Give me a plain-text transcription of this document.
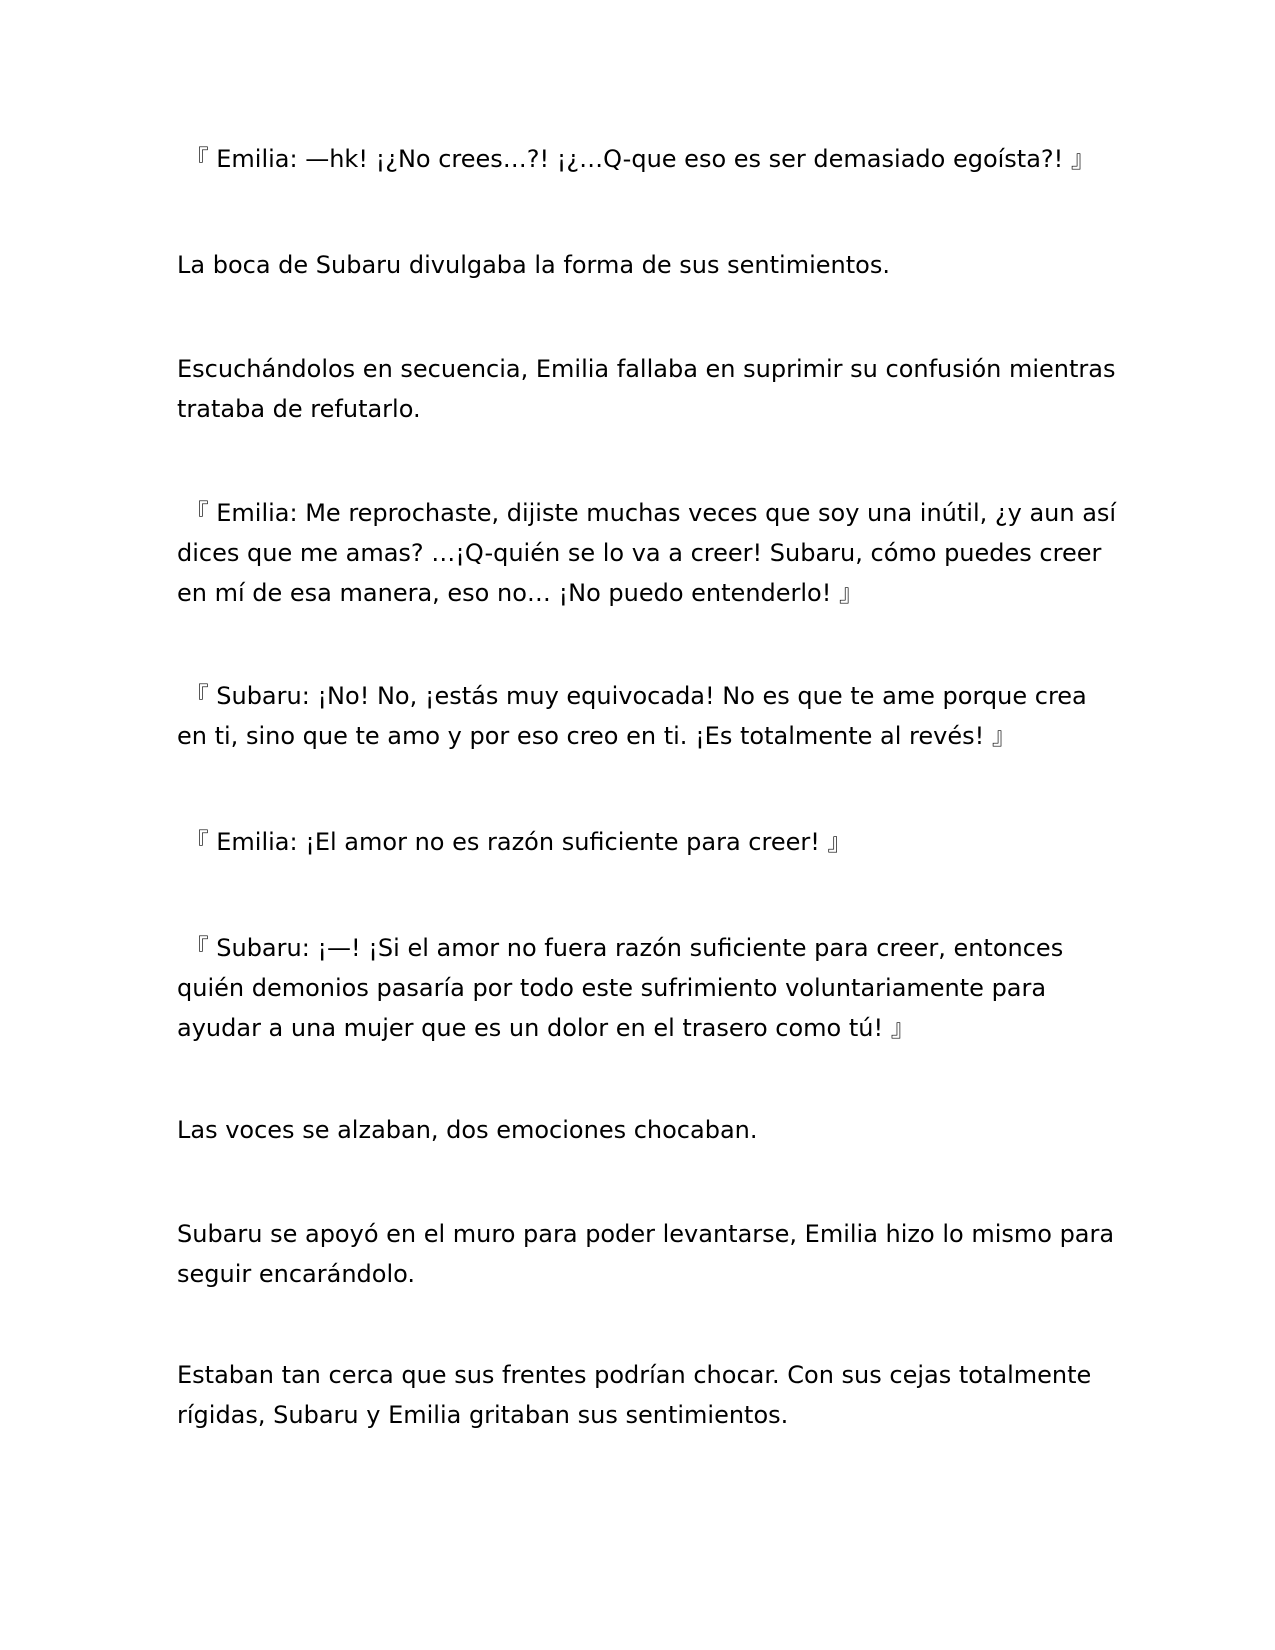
『 Emilia: —hk! ¡¿No crees…?! ¡¿…Q-que eso es ser demasiado egoísta?! 』

La boca de Subaru divulgaba la forma de sus sentimientos.

Escuchándolos en secuencia, Emilia fallaba en suprimir su confusión mientras
trataba de refutarlo.

『 Emilia: Me reprochaste, dijiste muchas veces que soy una inútil, ¿y aun así
dices que me amas? …¡Q-quién se lo va a creer! Subaru, cómo puedes creer
en mí de esa manera, eso no… ¡No puedo entenderlo! 』

『 Subaru: ¡No! No, ¡estás muy equivocada! No es que te ame porque crea
en ti, sino que te amo y por eso creo en ti. ¡Es totalmente al revés! 』

『 Emilia: ¡El amor no es razón suficiente para creer! 』

『 Subaru: ¡—! ¡Si el amor no fuera razón suficiente para creer, entonces
quién demonios pasaría por todo este sufrimiento voluntariamente para
ayudar a una mujer que es un dolor en el trasero como tú! 』

Las voces se alzaban, dos emociones chocaban.

Subaru se apoyó en el muro para poder levantarse, Emilia hizo lo mismo para
seguir encarándolo.

Estaban tan cerca que sus frentes podrían chocar. Con sus cejas totalmente
rígidas, Subaru y Emilia gritaban sus sentimientos.
